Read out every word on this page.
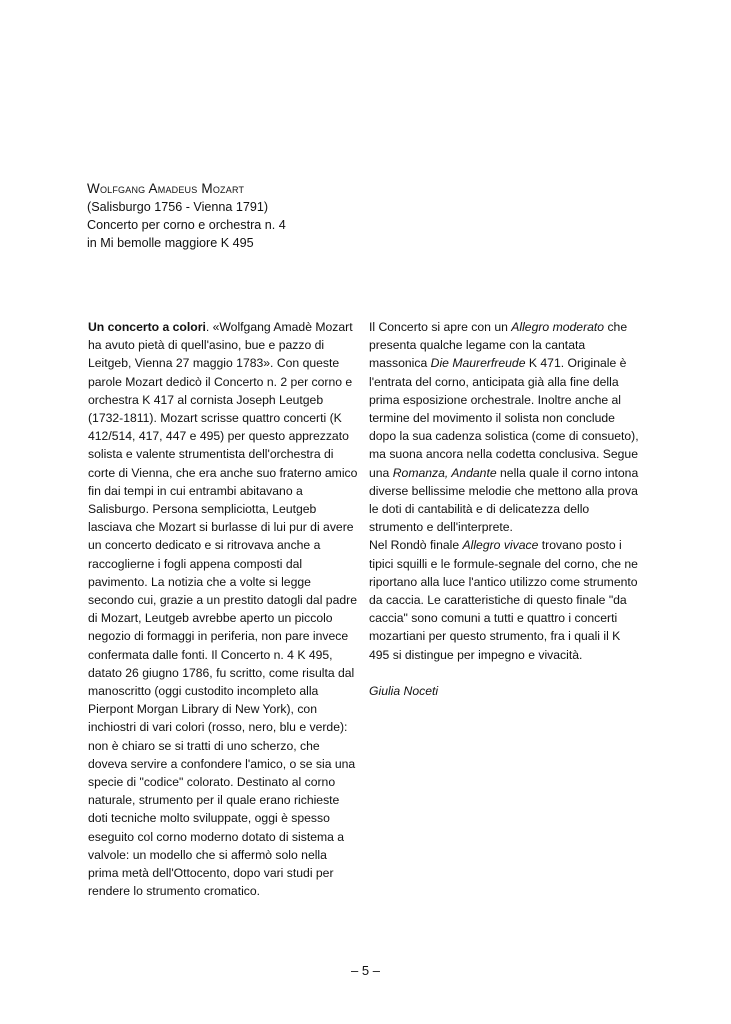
Wolfgang Amadeus Mozart
(Salisburgo 1756 - Vienna 1791)
Concerto per corno e orchestra n. 4
in Mi bemolle maggiore K 495

Un concerto a colori. «Wolfgang Amadè Mozart ha avuto pietà di quell'asino, bue e pazzo di Leitgeb, Vienna 27 maggio 1783». Con queste parole Mozart dedicò il Concerto n. 2 per corno e orchestra K 417 al cornista Joseph Leutgeb (1732-1811). Mozart scrisse quattro concerti (K 412/514, 417, 447 e 495) per questo apprezzato solista e valente strumentista dell'orchestra di corte di Vienna, che era anche suo fraterno amico fin dai tempi in cui entrambi abitavano a Salisburgo. Persona sempliciotta, Leutgeb lasciava che Mozart si burlasse di lui pur di avere un concerto dedicato e si ritrovava anche a raccoglierne i fogli appena composti dal pavimento. La notizia che a volte si legge secondo cui, grazie a un prestito datogli dal padre di Mozart, Leutgeb avrebbe aperto un piccolo negozio di formaggi in periferia, non pare invece confermata dalle fonti. Il Concerto n. 4 K 495, datato 26 giugno 1786, fu scritto, come risulta dal manoscritto (oggi custodito incompleto alla Pierpont Morgan Library di New York), con inchiostri di vari colori (rosso, nero, blu e verde): non è chiaro se si tratti di uno scherzo, che doveva servire a confondere l'amico, o se sia una specie di "codice" colorato. Destinato al corno naturale, strumento per il quale erano richieste doti tecniche molto sviluppate, oggi è spesso eseguito col corno moderno dotato di sistema a valvole: un modello che si affermò solo nella prima metà dell'Ottocento, dopo vari studi per rendere lo strumento cromatico.

Il Concerto si apre con un Allegro moderato che presenta qualche legame con la cantata massonica Die Maurerfreude K 471. Originale è l'entrata del corno, anticipata già alla fine della prima esposizione orchestrale. Inoltre anche al termine del movimento il solista non conclude dopo la sua cadenza solistica (come di consueto), ma suona ancora nella codetta conclusiva. Segue una Romanza, Andante nella quale il corno intona diverse bellissime melodie che mettono alla prova le doti di cantabilità e di delicatezza dello strumento e dell'interprete.

Nel Rondò finale Allegro vivace trovano posto i tipici squilli e le formule-segnale del corno, che ne riportano alla luce l'antico utilizzo come strumento da caccia. Le caratteristiche di questo finale "da caccia" sono comuni a tutti e quattro i concerti mozartiani per questo strumento, fra i quali il K 495 si distingue per impegno e vivacità.

Giulia Noceti

– 5 –
